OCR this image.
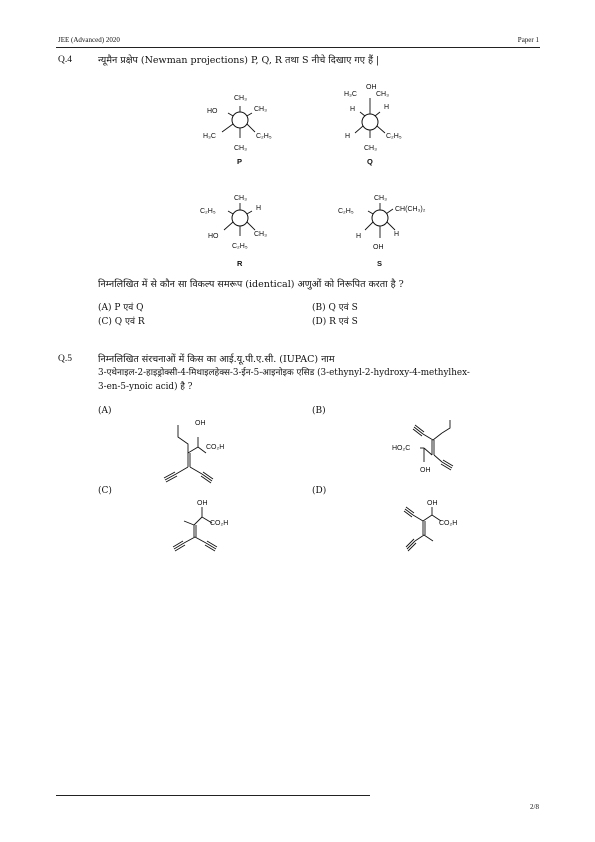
JEE (Advanced) 2020	Paper 1
Q.4	न्यूमैन प्रक्षेप (Newman projections) P, Q, R तथा S नीचे दिखाए गए हैं |
CH₃
HO	CH₃
H₃C	C₂H₅
CH₃
P
H₃C
OH
CH₃
H	H
H	C₂H₅
CH₃
Q
CH₃
C₂H₅	H
HO	CH₃
C₂H₅
R
CH₃
C₂H₅	CH(CH₃)₂
H	H
OH
S
निम्नलिखित में से कौन सा विकल्प समरूप (identical) अणुओं को निरूपित करता है ?
(A) P एवं Q	(B) Q एवं S
(C) Q एवं R	(D) R एवं S
Q.5	निम्नलिखित संरचनाओं में किस का आई.यू.पी.ए.सी. (IUPAC) नाम
3-एथेनाइल-2-हाइड्रोक्सी-4-मिथाइलहेक्स-3-ईन-5-आइनोइक एसिड (3-ethynyl-2-hydroxy-4-methylhex-
3-en-5-ynoic acid) है ?
(A)	(B)
(C)	(D)
OH
CO₂H	HO₂C
OH
OH
CO₂H
OH
CO₂H
2/8
